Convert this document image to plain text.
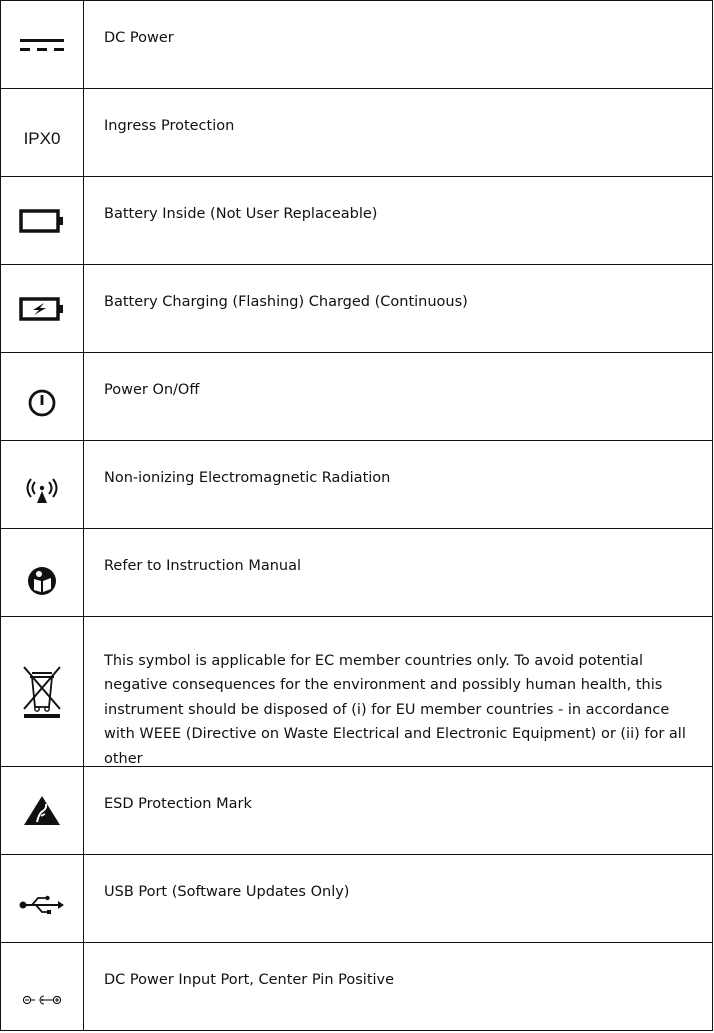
DC Power

IPX0	Ingress Protection

Battery Inside (Not User Replaceable)

Battery Charging (Flashing) Charged (Continuous)

Power On/Off

Non-ionizing Electromagnetic Radiation

Refer to Instruction Manual

This symbol is applicable for EC member countries only. To avoid potential negative consequences for the environment and possibly human health, this instrument should be disposed of (i) for EU member countries - in accordance with WEEE (Directive on Waste Electrical and Electronic Equipment) or (ii) for all other

ESD Protection Mark

USB Port (Software Updates Only)

DC Power Input Port, Center Pin Positive
